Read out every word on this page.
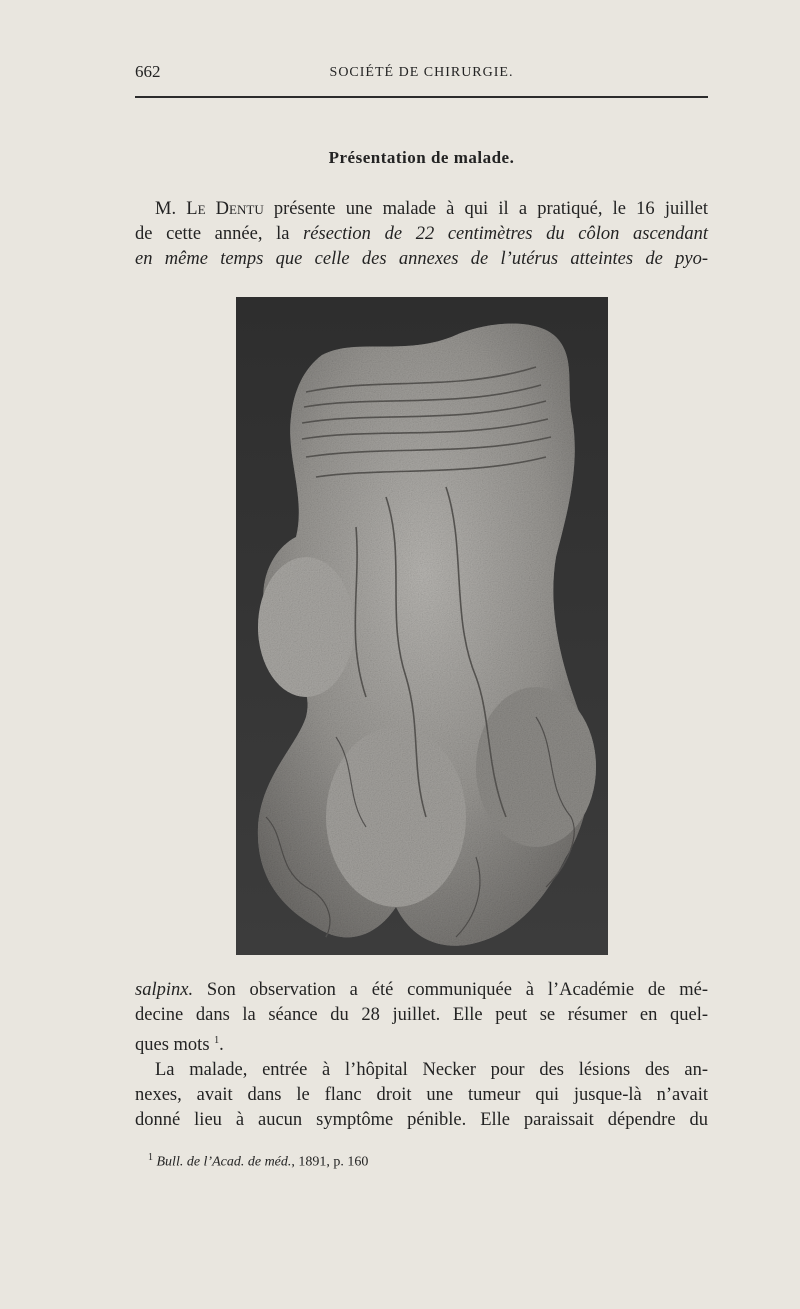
662	SOCIÉTÉ DE CHIRURGIE.
Présentation de malade.

M. Le Dentu présente une malade à qui il a pratiqué, le 16 juillet
de cette année, la résection de 22 centimètres du côlon ascendant
en même temps que celle des annexes de l’utérus atteintes de pyo-

salpinx. Son observation a été communiquée à l’Académie de mé-
decine dans la séance du 28 juillet. Elle peut se résumer en quel-
ques mots $^1$.
La malade, entrée à l’hôpital Necker pour des lésions des an-
nexes, avait dans le flanc droit une tumeur qui jusque-là n’avait
donné lieu à aucun symptôme pénible. Elle paraissait dépendre du

$^1$ Bull. de l’Acad. de méd., 1891, p. 160
